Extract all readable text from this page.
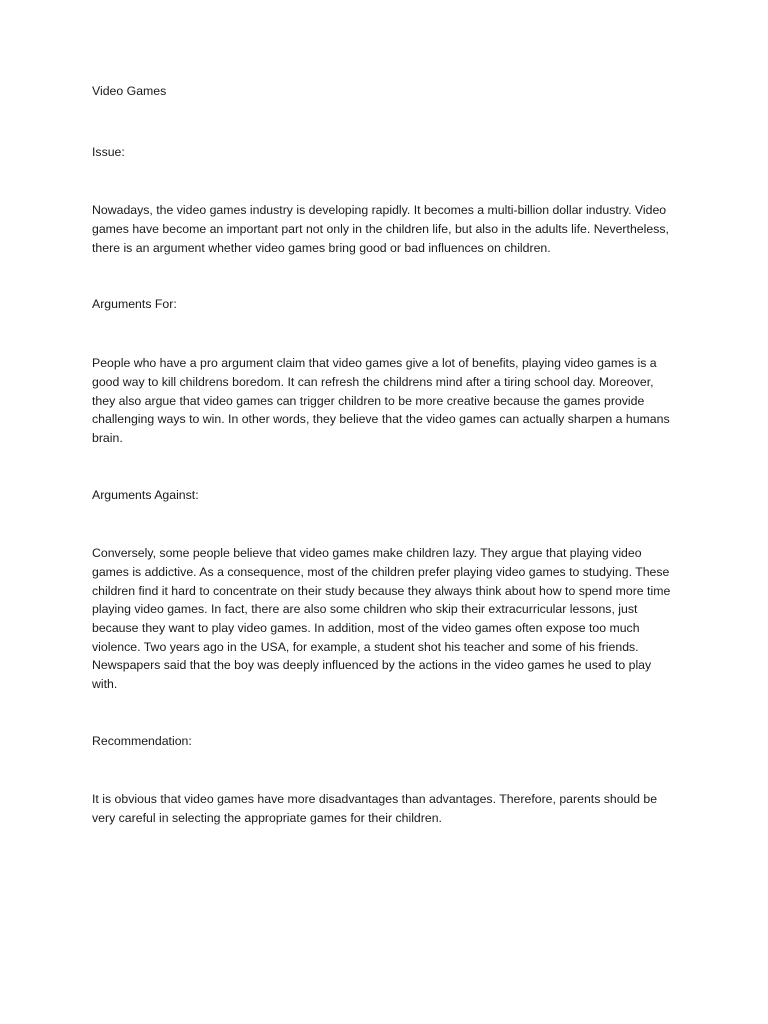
Video Games

Issue:

Nowadays, the video games industry is developing rapidly. It becomes a multi-billion dollar industry. Video games have become an important part not only in the children life, but also in the adults life. Nevertheless, there is an argument whether video games bring good or bad influences on children.

Arguments For:

People who have a pro argument claim that video games give a lot of benefits, playing video games is a good way to kill childrens boredom. It can refresh the childrens mind after a tiring school day. Moreover, they also argue that video games can trigger children to be more creative because the games provide challenging ways to win. In other words, they believe that the video games can actually sharpen a humans brain.

Arguments Against:

Conversely, some people believe that video games make children lazy. They argue that playing video games is addictive. As a consequence, most of the children prefer playing video games to studying. These children find it hard to concentrate on their study because they always think about how to spend more time playing video games. In fact, there are also some children who skip their extracurricular lessons, just because they want to play video games. In addition, most of the video games often expose too much violence. Two years ago in the USA, for example, a student shot his teacher and some of his friends. Newspapers said that the boy was deeply influenced by the actions in the video games he used to play with.

Recommendation:

It is obvious that video games have more disadvantages than advantages. Therefore, parents should be very careful in selecting the appropriate games for their children.
